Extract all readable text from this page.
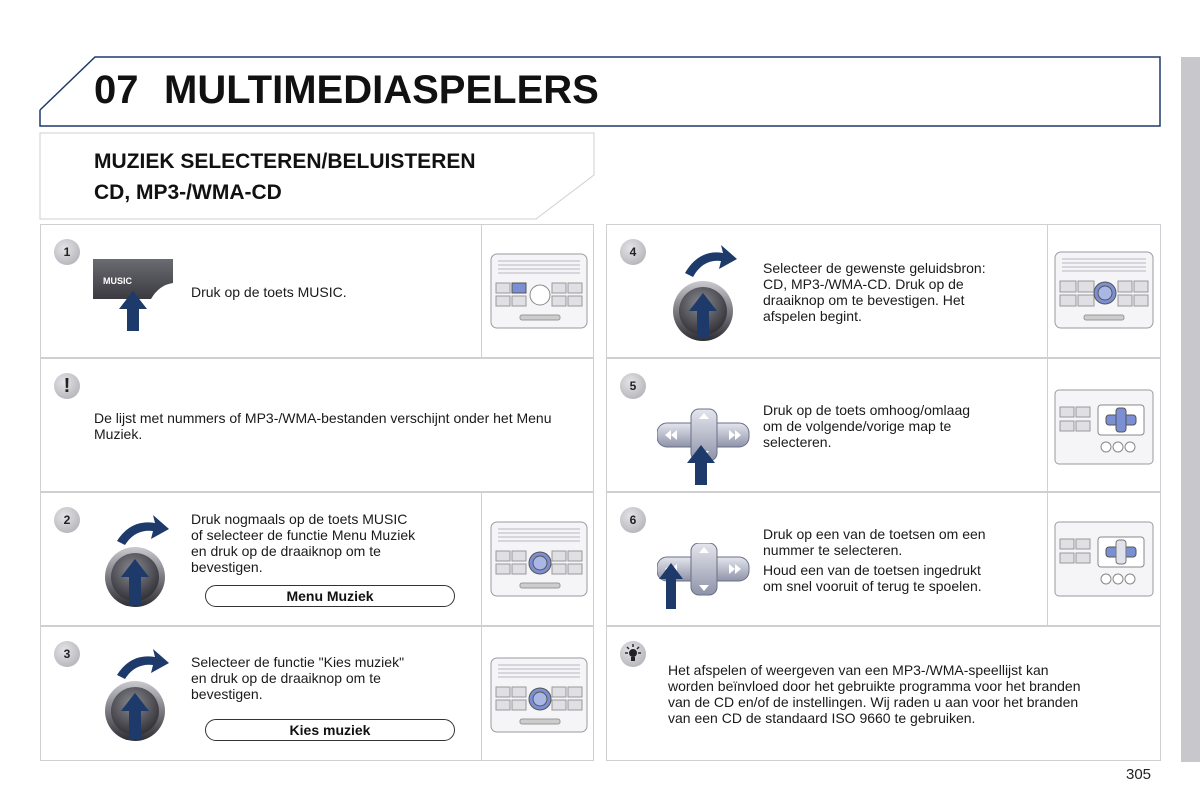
07 MULTIMEDIASPELERS
MUZIEK SELECTEREN/BELUISTEREN
CD, MP3-/WMA-CD
1
MUSIC
Druk op de toets MUSIC.
!
De lijst met nummers of MP3-/WMA-bestanden verschijnt onder het Menu Muziek.
2	Druk nogmaals op de toets MUSIC
of selecteer de functie Menu Muziek
en druk op de draaiknop om te
bevestigen.
Menu Muziek
3	Selecteer de functie "Kies muziek"
en druk op de draaiknop om te
bevestigen.
Kies muziek
4
Selecteer de gewenste geluidsbron:
CD, MP3-/WMA-CD. Druk op de
draaiknop om te bevestigen. Het
afspelen begint.
5
Druk op de toets omhoog/omlaag
om de volgende/vorige map te
selecteren.
6
Druk op een van de toetsen om een
nummer te selecteren.
Houd een van de toetsen ingedrukt
om snel vooruit of terug te spoelen.
Het afspelen of weergeven van een MP3-/WMA-speellijst kan
worden beïnvloed door het gebruikte programma voor het branden
van de CD en/of de instellingen. Wij raden u aan voor het branden
van een CD de standaard ISO 9660 te gebruiken.
305
